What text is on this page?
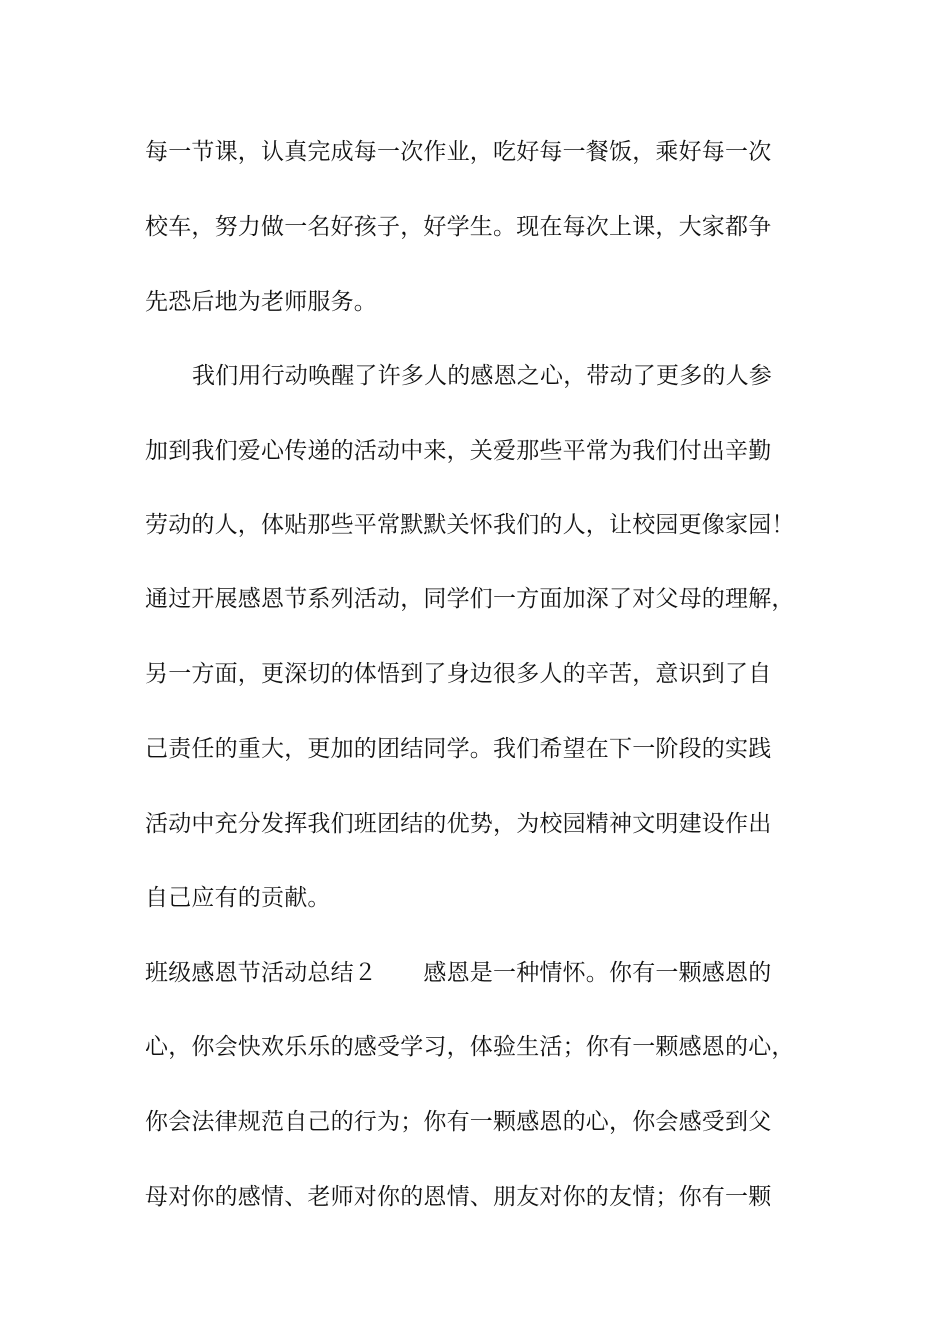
每一节课，认真完成每一次作业，吃好每一餐饭，乘好每一次
校车，努力做一名好孩子，好学生。现在每次上课，大家都争
先恐后地为老师服务。
我们用行动唤醒了许多人的感恩之心，带动了更多的人参
加到我们爱心传递的活动中来，关爱那些平常为我们付出辛勤
劳动的人，体贴那些平常默默关怀我们的人，让校园更像家园！
通过开展感恩节系列活动，同学们一方面加深了对父母的理解，
另一方面，更深切的体悟到了身边很多人的辛苦，意识到了自
己责任的重大，更加的团结同学。我们希望在下一阶段的实践
活动中充分发挥我们班团结的优势，为校园精神文明建设作出
自己应有的贡献。
班级感恩节活动总结２　　感恩是一种情怀。你有一颗感恩的
心，你会快欢乐乐的感受学习，体验生活；你有一颗感恩的心，
你会法律规范自己的行为；你有一颗感恩的心，你会感受到父
母对你的感情、老师对你的恩情、朋友对你的友情；你有一颗
